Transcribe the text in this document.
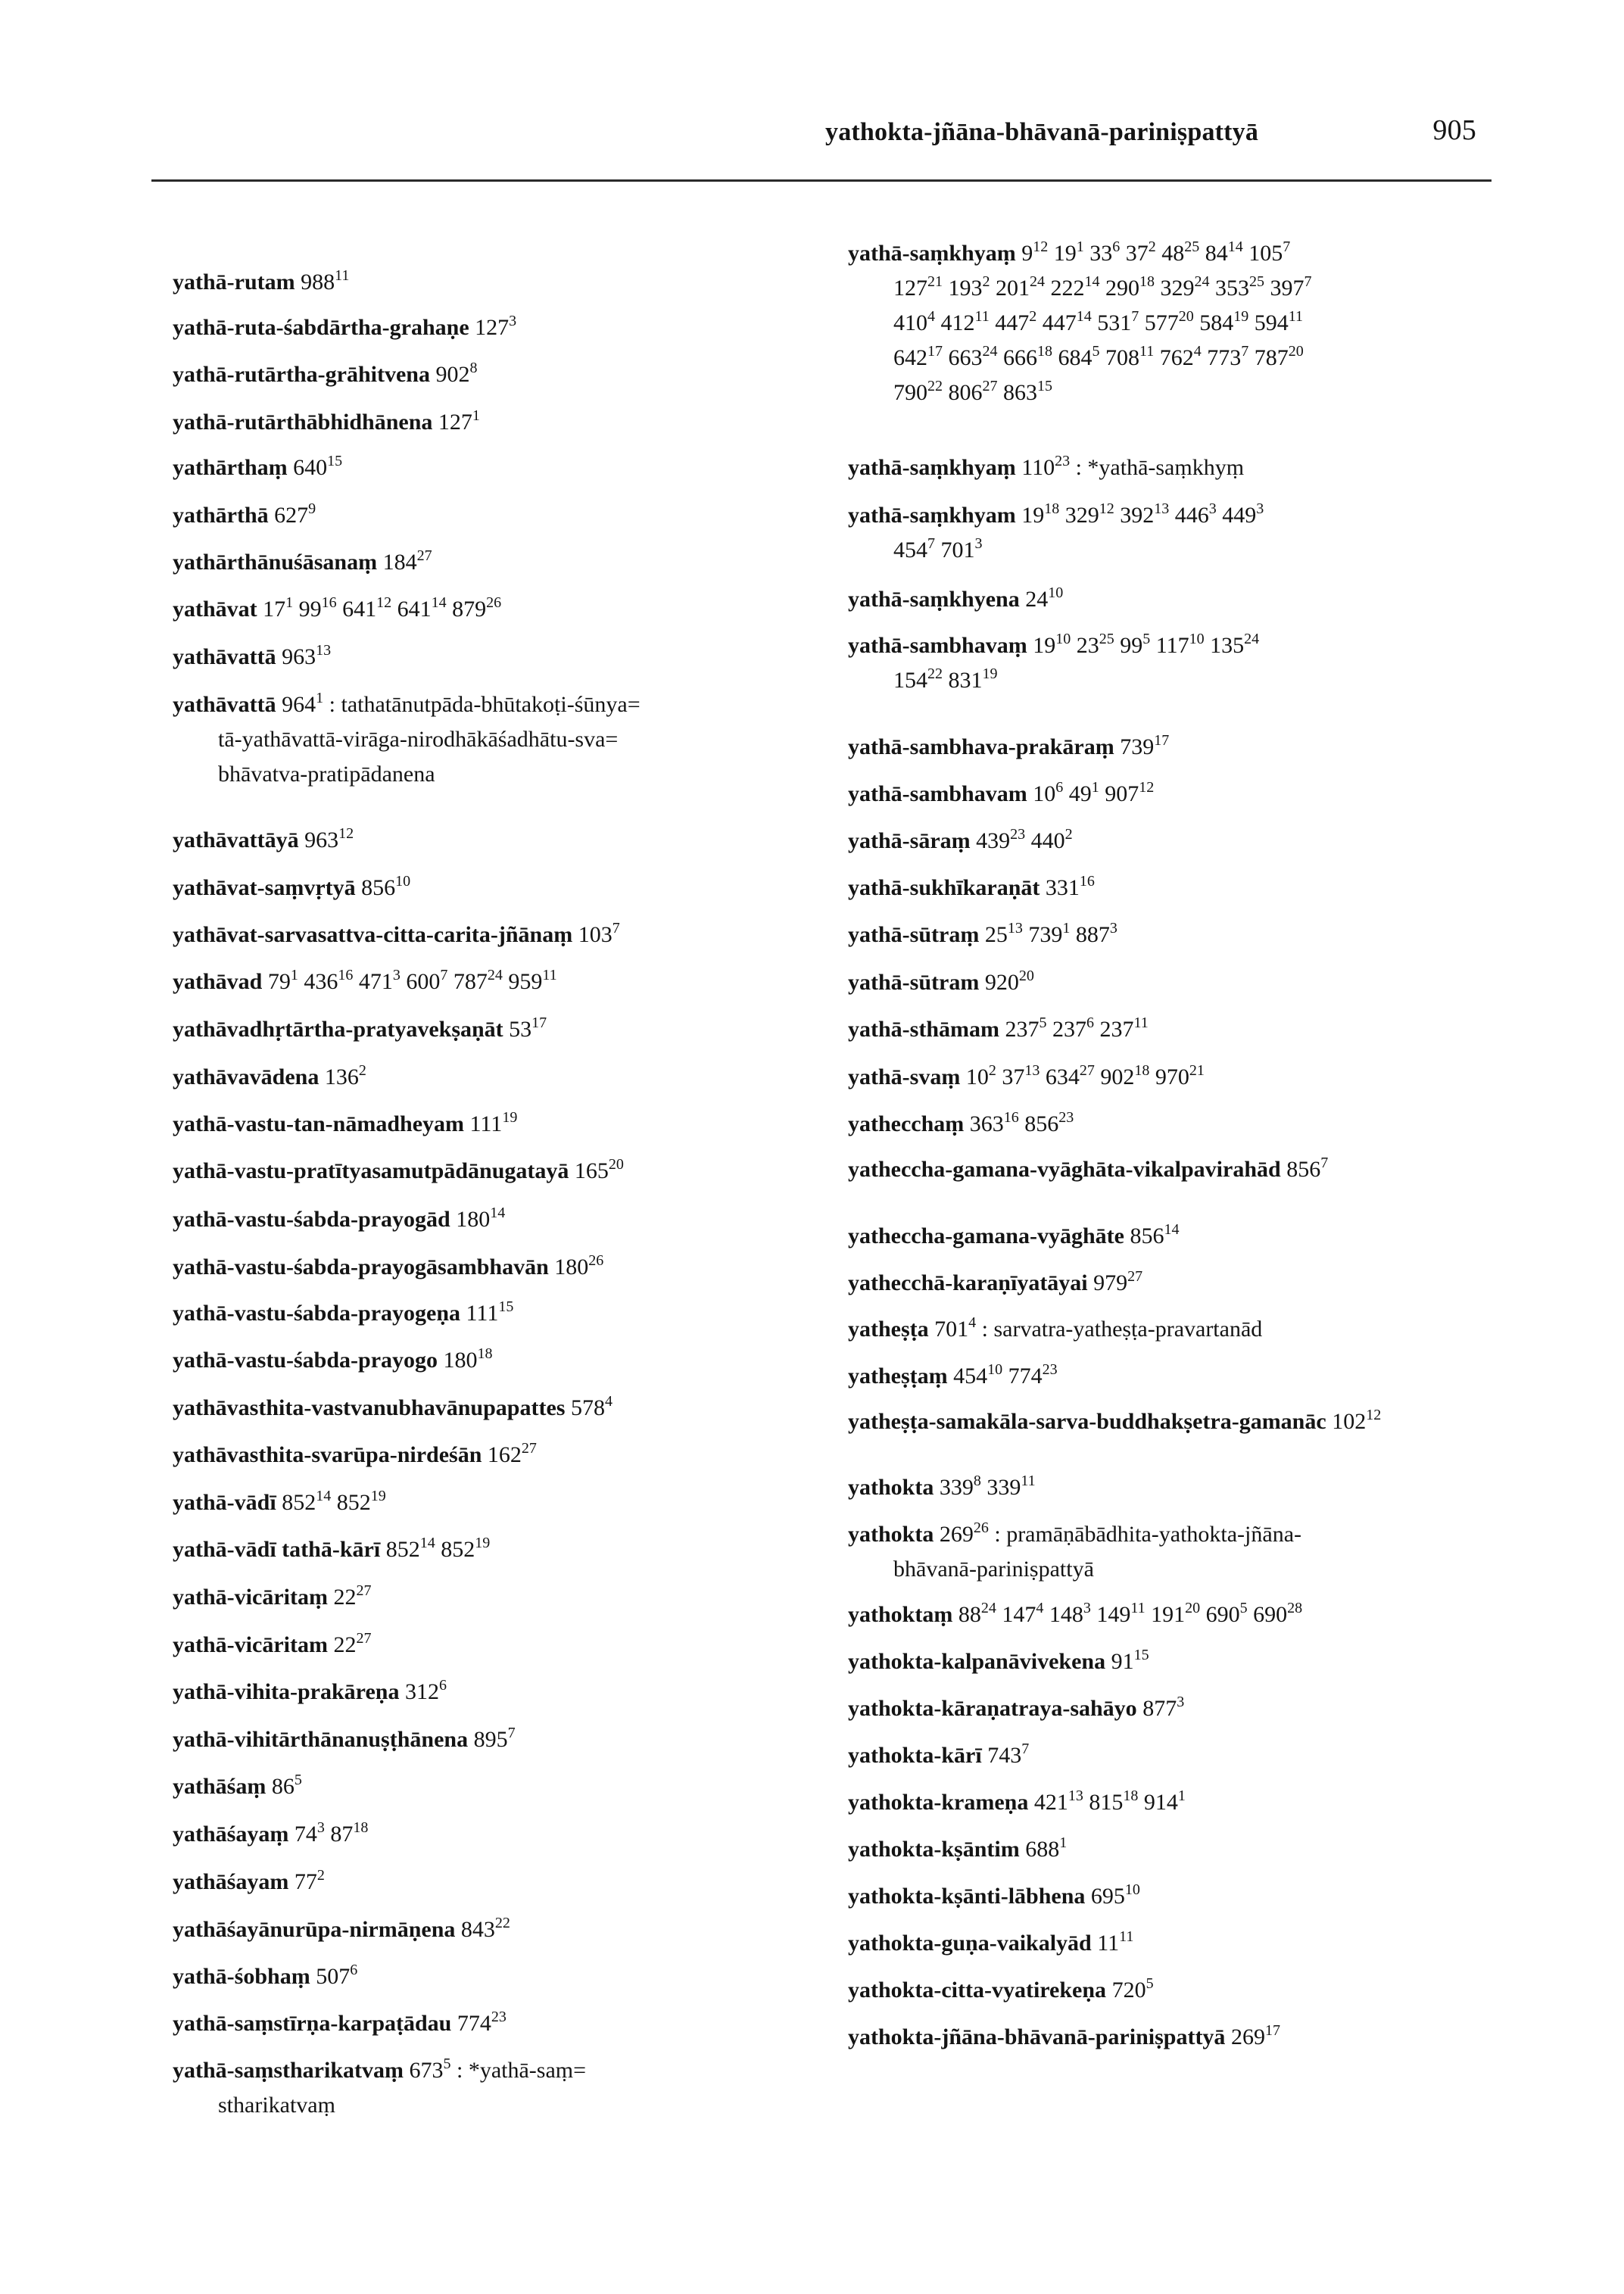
yathokta-jñāna-bhāvanā-pariniṣpattyā	905
yathā-rutam $988^{11}$
yathā-ruta-śabdārtha-grahaṇe $127^3$
yathā-rutārtha-grāhitvena $902^8$
yathā-rutārthābhidhānena $127^1$
yathārthaṃ $640^{15}$
yathārthā $627^9$
yathārthānuśāsanaṃ $184^{27}$
yathāvat $17^1$ $99^{16}$ $641^{12}$ $641^{14}$ $879^{26}$
yathāvattā $963^{13}$
yathāvattā $964^1$ : tathatānutpāda-bhūtakoṭi-śūnya=
tā-yathāvattā-virāga-nirodhākāśadhātu-sva=
bhāvatva-pratipādanena
yathāvattāyā $963^{12}$
yathāvat-saṃvṛtyā $856^{10}$
yathāvat-sarvasattva-citta-carita-jñānaṃ $103^7$
yathāvad $79^1$ $436^{16}$ $471^3$ $600^7$ $787^{24}$ $959^{11}$
yathāvadhṛtārtha-pratyavekṣaṇāt $53^{17}$
yathāvavādena $136^2$
yathā-vastu-tan-nāmadheyam $111^{19}$
yathā-vastu-pratītyasamutpādānugatayā $165^{20}$
yathā-vastu-śabda-prayogād $180^{14}$
yathā-vastu-śabda-prayogāsambhavān $180^{26}$
yathā-vastu-śabda-prayogeṇa $111^{15}$
yathā-vastu-śabda-prayogo $180^{18}$
yathāvasthita-vastvanubhavānupapattes $578^4$
yathāvasthita-svarūpa-nirdeśān $162^{27}$
yathā-vādī $852^{14}$ $852^{19}$
yathā-vādī tathā-kārī $852^{14}$ $852^{19}$
yathā-vicāritaṃ $22^{27}$
yathā-vicāritam $22^{27}$
yathā-vihita-prakāreṇa $312^6$
yathā-vihitārthānanuṣṭhānena $895^7$
yathāśaṃ $86^5$
yathāśayaṃ $74^3$ $87^{18}$
yathāśayam $77^2$
yathāśayānurūpa-nirmāṇena $843^{22}$
yathā-śobhaṃ $507^6$
yathā-saṃstīrṇa-karpaṭādau $774^{23}$
yathā-saṃstharikatvaṃ $673^5$ : *yathā-saṃ=
stharikatvaṃ
yathā-saṃkhyaṃ $9^{12}$ $19^1$ $33^6$ $37^2$ $48^{25}$ $84^{14}$ $105^7$
$127^{21}$ $193^2$ $201^{24}$ $222^{14}$ $290^{18}$ $329^{24}$ $353^{25}$ $397^7$
$410^4$ $412^{11}$ $447^2$ $447^{14}$ $531^7$ $577^{20}$ $584^{19}$ $594^{11}$
$642^{17}$ $663^{24}$ $666^{18}$ $684^5$ $708^{11}$ $762^4$ $773^7$ $787^{20}$
$790^{22}$ $806^{27}$ $863^{15}$
yathā-saṃkhyaṃ $110^{23}$ : *yathā-saṃkhyṃ
yathā-saṃkhyam $19^{18}$ $329^{12}$ $392^{13}$ $446^3$ $449^3$
$454^7$ $701^3$
yathā-saṃkhyena $24^{10}$
yathā-sambhavaṃ $19^{10}$ $23^{25}$ $99^5$ $117^{10}$ $135^{24}$
$154^{22}$ $831^{19}$
yathā-sambhava-prakāraṃ $739^{17}$
yathā-sambhavam $10^6$ $49^1$ $907^{12}$
yathā-sāraṃ $439^{23}$ $440^2$
yathā-sukhīkaraṇāt $331^{16}$
yathā-sūtraṃ $25^{13}$ $739^1$ $887^3$
yathā-sūtram $920^{20}$
yathā-sthāmam $237^5$ $237^6$ $237^{11}$
yathā-svaṃ $10^2$ $37^{13}$ $634^{27}$ $902^{18}$ $970^{21}$
yathecchaṃ $363^{16}$ $856^{23}$
yatheccha-gamana-vyāghāta-vikalpavirahād $856^7$
yatheccha-gamana-vyāghāte $856^{14}$
yathecchā-karaṇīyatāyai $979^{27}$
yatheṣṭa $701^4$ : sarvatra-yatheṣṭa-pravartanād
yatheṣṭaṃ $454^{10}$ $774^{23}$
yatheṣṭa-samakāla-sarva-buddhakṣetra-gamanāc $102^{12}$
yathokta $339^8$ $339^{11}$
yathokta $269^{26}$ : pramāṇābādhita-yathokta-jñāna-
bhāvanā-pariniṣpattyā
yathoktaṃ $88^{24}$ $147^4$ $148^3$ $149^{11}$ $191^{20}$ $690^5$ $690^{28}$
yathokta-kalpanāvivekena $91^{15}$
yathokta-kāraṇatraya-sahāyo $877^3$
yathokta-kārī $743^7$
yathokta-krameṇa $421^{13}$ $815^{18}$ $914^1$
yathokta-kṣāntim $688^1$
yathokta-kṣānti-lābhena $695^{10}$
yathokta-guṇa-vaikalyād $11^{11}$
yathokta-citta-vyatirekeṇa $720^5$
yathokta-jñāna-bhāvanā-pariniṣpattyā $269^{17}$
